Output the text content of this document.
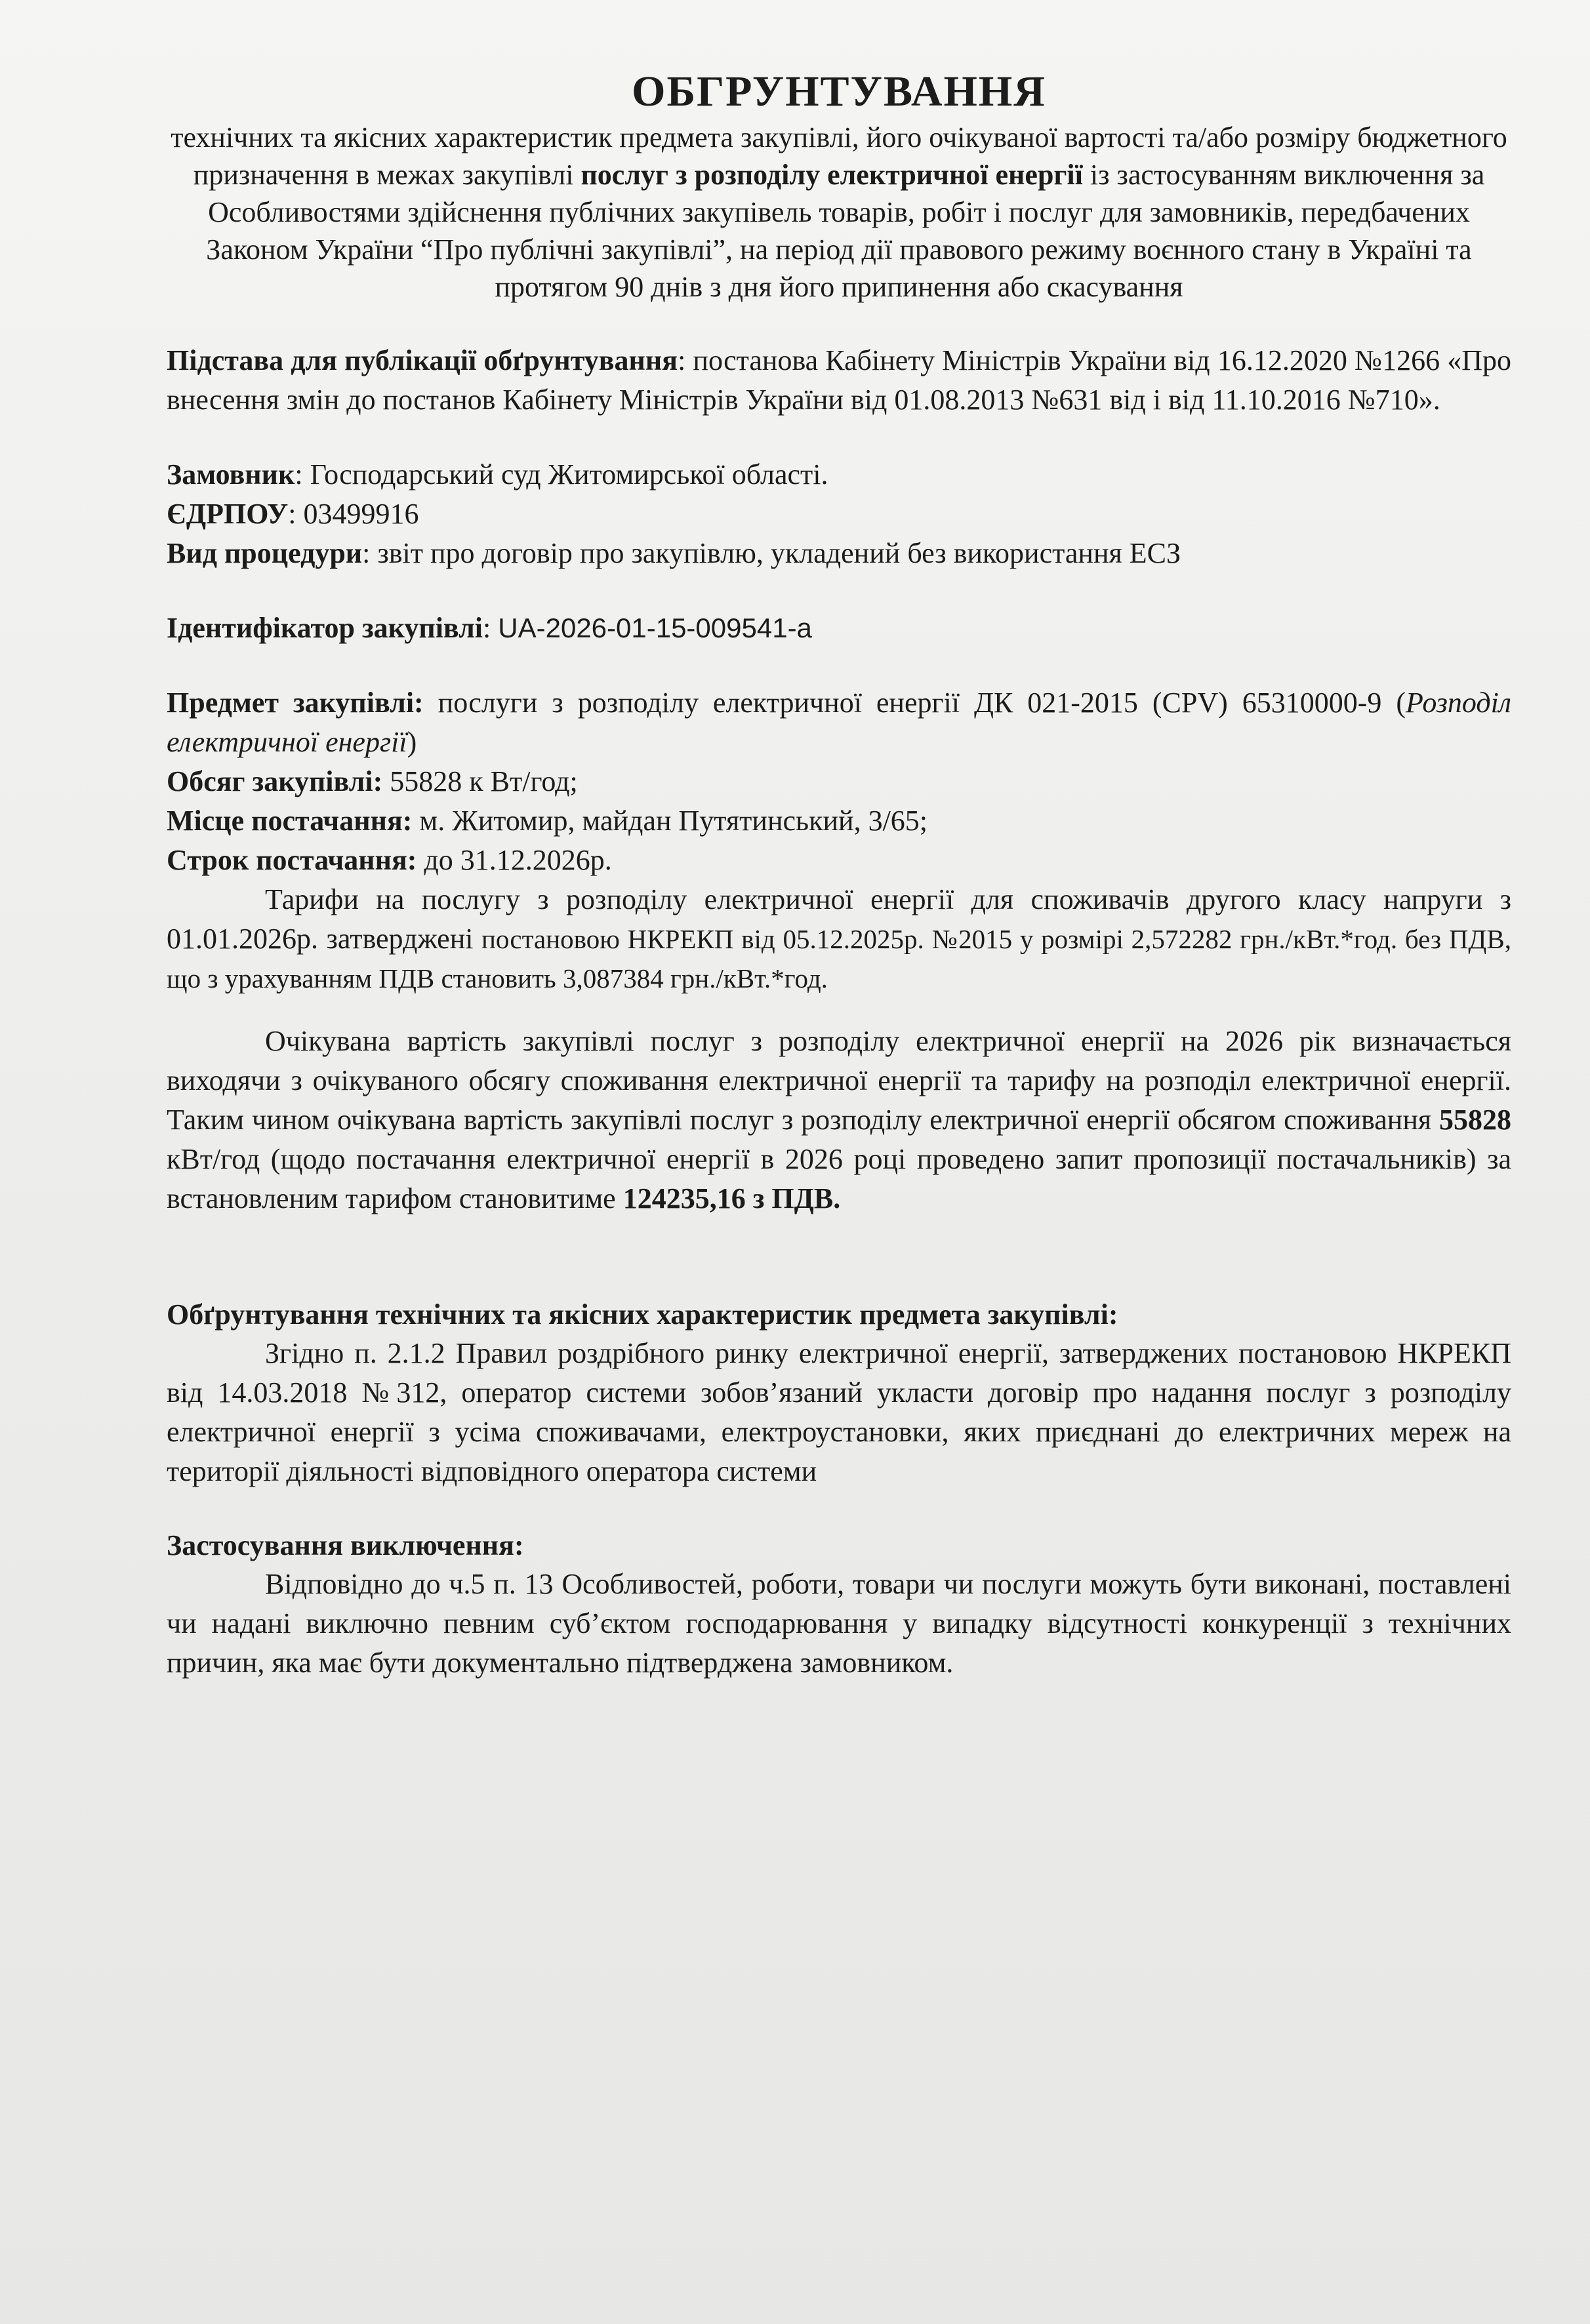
ОБГРУНТУВАННЯ

технічних та якісних характеристик предмета закупівлі, його очікуваної вартості та/або розміру бюджетного призначення в межах закупівлі послуг з розподілу електричної енергії із застосуванням виключення за Особливостями здійснення публічних закупівель товарів, робіт і послуг для замовників, передбачених Законом України “Про публічні закупівлі”, на період дії правового режиму воєнного стану в Україні та протягом 90 днів з дня його припинення або скасування

Підстава для публікації обґрунтування: постанова Кабінету Міністрів України від 16.12.2020 №1266 «Про внесення змін до постанов Кабінету Міністрів України від 01.08.2013 №631 від і від 11.10.2016 №710».

Замовник: Господарський суд Житомирської області.

ЄДРПОУ: 03499916

Вид процедури: звіт про договір про закупівлю, укладений без використання ЕСЗ

Ідентифікатор закупівлі: UA-2026-01-15-009541-a

Предмет закупівлі: послуги з розподілу електричної енергії ДК 021-2015 (CPV) 65310000-9 (Розподіл електричної енергії)

Обсяг закупівлі: 55828 к Вт/год;

Місце постачання: м. Житомир, майдан Путятинський, 3/65;

Строк постачання: до 31.12.2026р.

Тарифи на послугу з розподілу електричної енергії для споживачів другого класу напруги з 01.01.2026р. затверджені постановою НКРЕКП від 05.12.2025р. №2015 у розмірі 2,572282 грн./кВт.*год. без ПДВ, що з урахуванням ПДВ становить 3,087384 грн./кВт.*год.

Очікувана вартість закупівлі послуг з розподілу електричної енергії на 2026 рік визначається виходячи з очікуваного обсягу споживання електричної енергії та тарифу на розподіл електричної енергії. Таким чином очікувана вартість закупівлі послуг з розподілу електричної енергії обсягом споживання 55828 кВт/год (щодо постачання електричної енергії в 2026 році проведено запит пропозиції постачальників) за встановленим тарифом становитиме 124235,16 з ПДВ.

Обґрунтування технічних та якісних характеристик предмета закупівлі:

Згідно п. 2.1.2 Правил роздрібного ринку електричної енергії, затверджених постановою НКРЕКП від 14.03.2018 №312, оператор системи зобов’язаний укласти договір про надання послуг з розподілу електричної енергії з усіма споживачами, електроустановки, яких приєднані до електричних мереж на території діяльності відповідного оператора системи

Застосування виключення:

Відповідно до ч.5 п. 13 Особливостей, роботи, товари чи послуги можуть бути виконані, поставлені чи надані виключно певним суб’єктом господарювання у випадку відсутності конкуренції з технічних причин, яка має бути документально підтверджена замовником.
